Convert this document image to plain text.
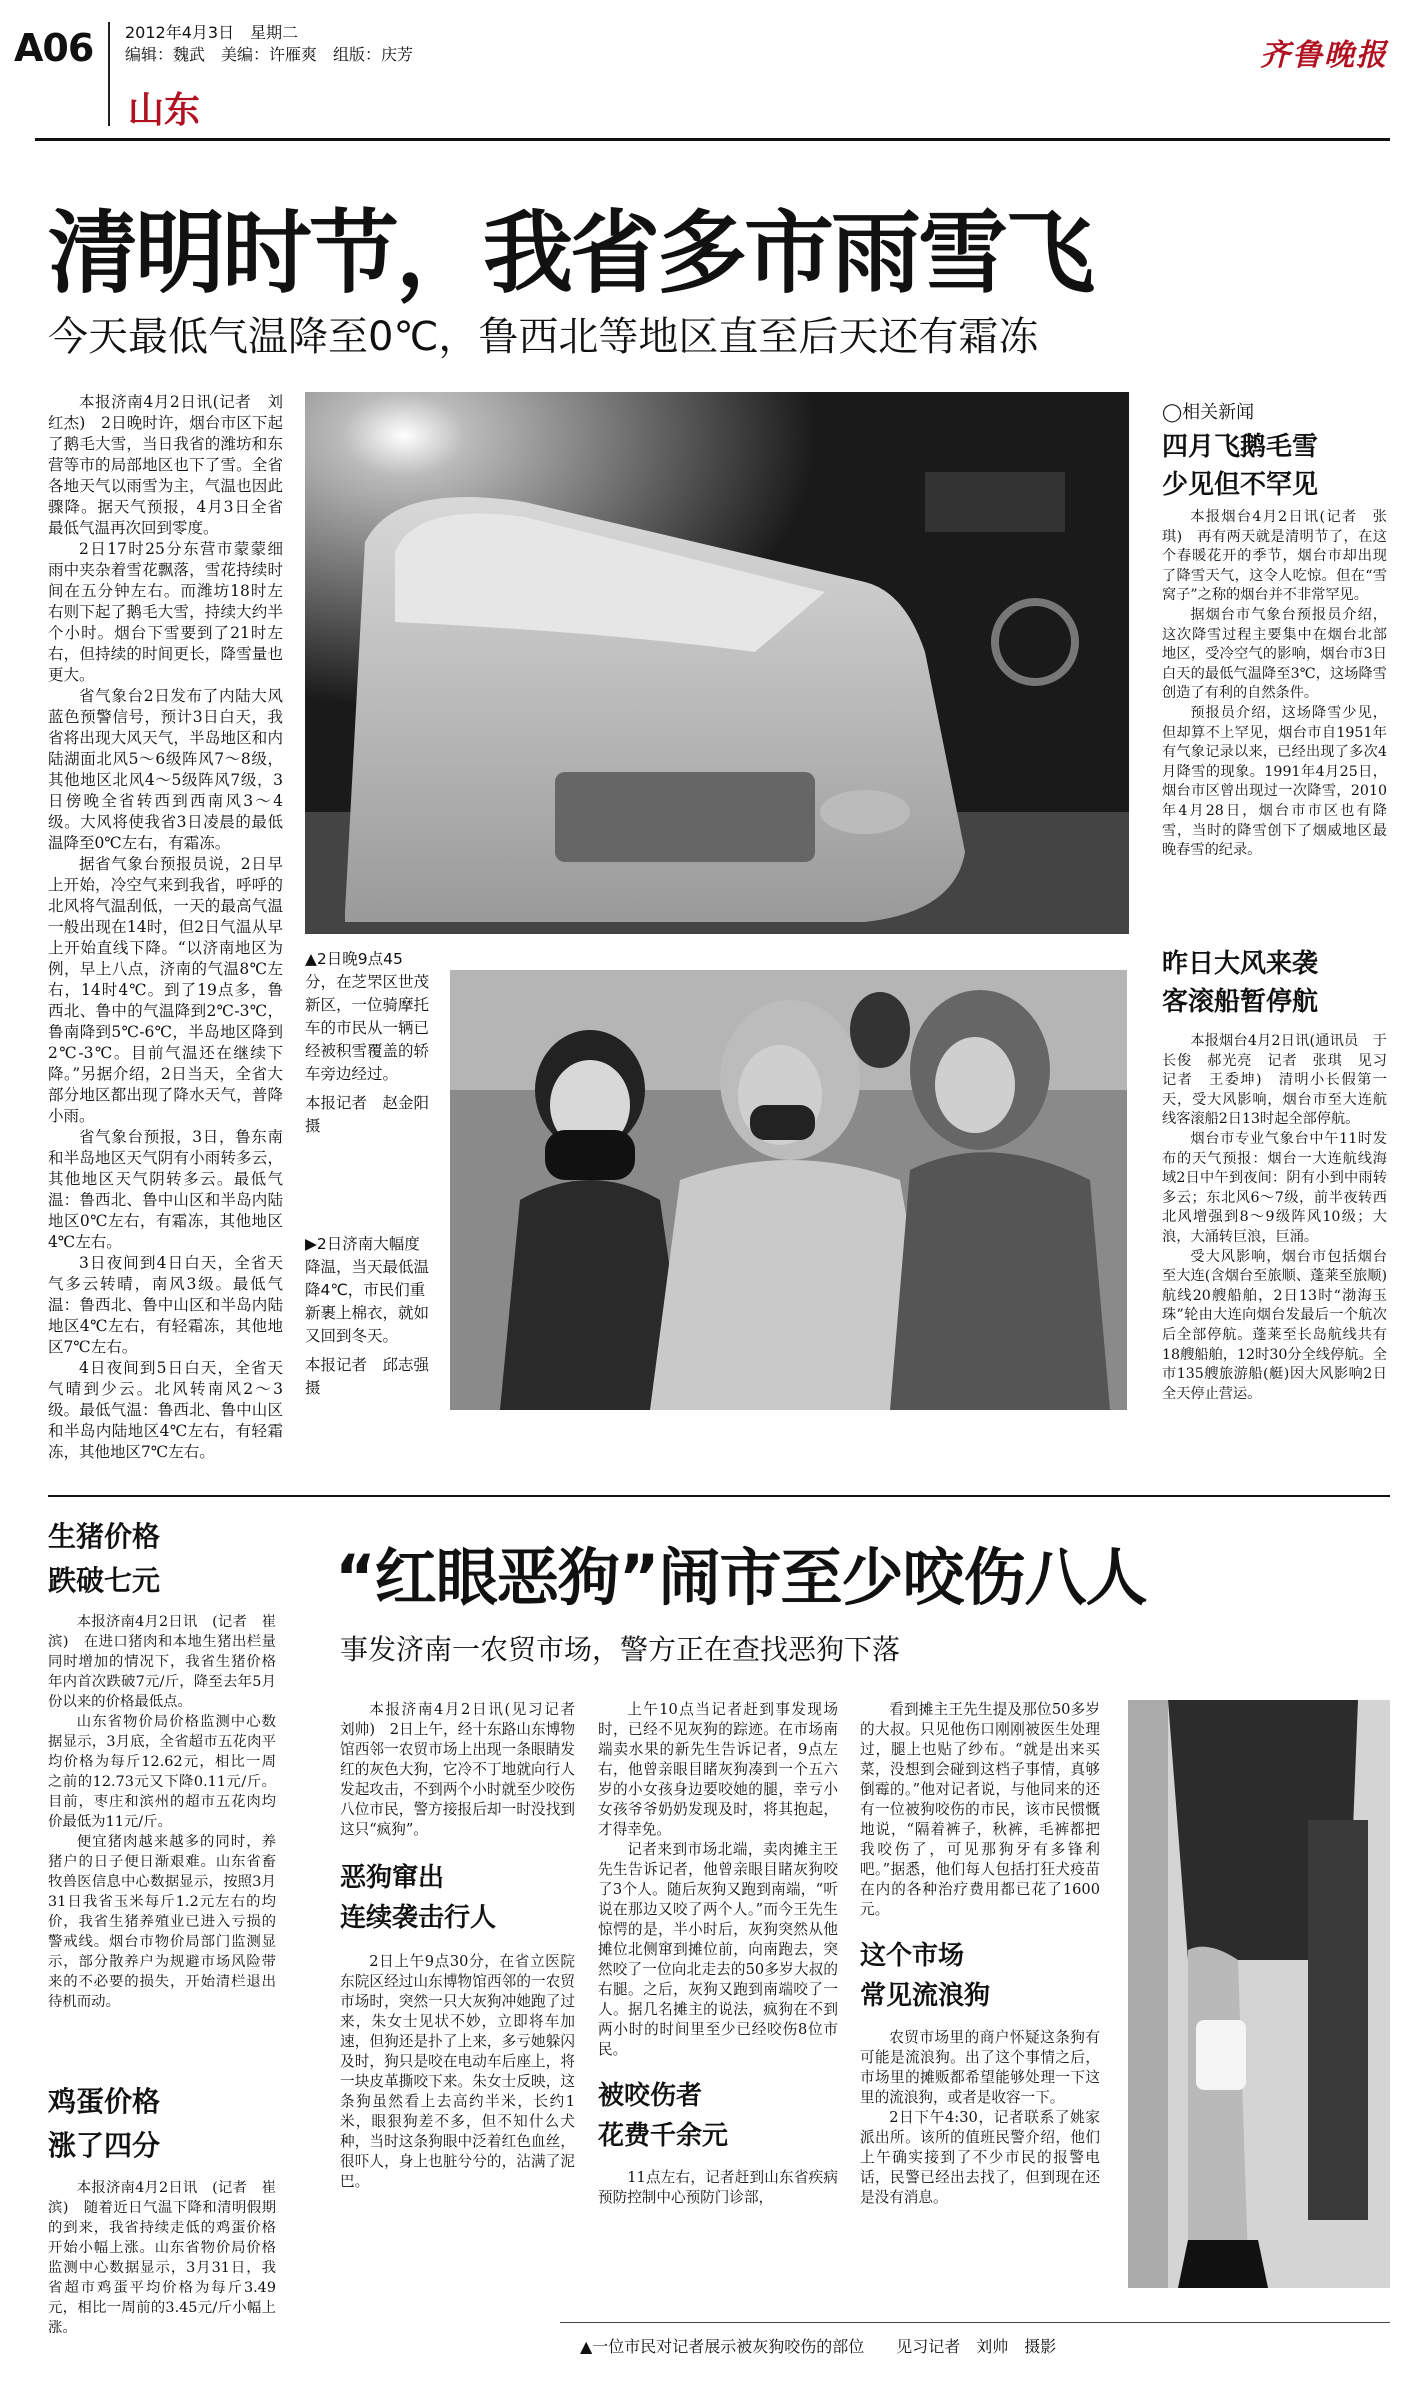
A06 2012年4月3日　星期二
编辑：魏武　美编：许雁爽　组版：庆芳
山东
齐鲁晚报
清明时节，我省多市雨雪飞
今天最低气温降至0℃，鲁西北等地区直至后天还有霜冻

本报济南4月2日讯(记者　刘红杰)　2日晚时许，烟台市区下起了鹅毛大雪，当日我省的潍坊和东营等市的局部地区也下了雪。全省各地天气以雨雪为主，气温也因此骤降。据天气预报，4月3日全省最低气温再次回到零度。

2日17时25分东营市蒙蒙细雨中夹杂着雪花飘落，雪花持续时间在五分钟左右。而潍坊18时左右则下起了鹅毛大雪，持续大约半个小时。烟台下雪要到了21时左右，但持续的时间更长，降雪量也更大。

省气象台2日发布了内陆大风蓝色预警信号，预计3日白天，我省将出现大风天气，半岛地区和内陆湖面北风5～6级阵风7～8级，其他地区北风4～5级阵风7级，3日傍晚全省转西到西南风3～4级。大风将使我省3日凌晨的最低温降至0℃左右，有霜冻。

据省气象台预报员说，2日早上开始，冷空气来到我省，呼呼的北风将气温刮低，一天的最高气温一般出现在14时，但2日气温从早上开始直线下降。“以济南地区为例，早上八点，济南的气温8℃左右，14时4℃。到了19点多，鲁西北、鲁中的气温降到2℃-3℃，鲁南降到5℃-6℃，半岛地区降到2℃-3℃。目前气温还在继续下降。”另据介绍，2日当天，全省大部分地区都出现了降水天气，普降小雨。

省气象台预报，3日，鲁东南和半岛地区天气阴有小雨转多云，其他地区天气阴转多云。最低气温：鲁西北、鲁中山区和半岛内陆地区0℃左右，有霜冻，其他地区4℃左右。

3日夜间到4日白天，全省天气多云转晴，南风3级。最低气温：鲁西北、鲁中山区和半岛内陆地区4℃左右，有轻霜冻，其他地区7℃左右。

4日夜间到5日白天，全省天气晴到少云。北风转南风2～3级。最低气温：鲁西北、鲁中山区和半岛内陆地区4℃左右，有轻霜冻，其他地区7℃左右。

▲2日晚9点45分，在芝罘区世茂新区，一位骑摩托车的市民从一辆已经被积雪覆盖的轿车旁边经过。
本报记者　赵金阳　摄
▶2日济南大幅度降温，当天最低温降4℃，市民们重新裹上棉衣，就如又回到冬天。
本报记者　邱志强　摄
◯相关新闻
四月飞鹅毛雪
少见但不罕见

本报烟台4月2日讯(记者　张琪)　再有两天就是清明节了，在这个春暖花开的季节，烟台市却出现了降雪天气，这令人吃惊。但在“雪窝子”之称的烟台并不非常罕见。

据烟台市气象台预报员介绍，这次降雪过程主要集中在烟台北部地区，受冷空气的影响，烟台市3日白天的最低气温降至3℃，这场降雪创造了有利的自然条件。

预报员介绍，这场降雪少见，但却算不上罕见，烟台市自1951年有气象记录以来，已经出现了多次4月降雪的现象。1991年4月25日，烟台市区曾出现过一次降雪，2010年4月28日，烟台市市区也有降雪，当时的降雪创下了烟威地区最晚春雪的纪录。

昨日大风来袭
客滚船暂停航

本报烟台4月2日讯(通讯员　于长俊　郝光亮　记者　张琪　见习记者　王委坤)　清明小长假第一天，受大风影响，烟台市至大连航线客滚船2日13时起全部停航。

烟台市专业气象台中午11时发布的天气预报：烟台一大连航线海域2日中午到夜间：阴有小到中雨转多云；东北风6～7级，前半夜转西北风增强到8～9级阵风10级；大浪，大涌转巨浪，巨涌。

受大风影响，烟台市包括烟台至大连(含烟台至旅顺、蓬莱至旅顺)航线20艘船舶，2日13时“渤海玉珠”轮由大连向烟台发最后一个航次后全部停航。蓬莱至长岛航线共有18艘船舶，12时30分全线停航。全市135艘旅游船(艇)因大风影响2日全天停止营运。

生猪价格
跌破七元

本报济南4月2日讯　(记者　崔滨)　在进口猪肉和本地生猪出栏量同时增加的情况下，我省生猪价格年内首次跌破7元/斤，降至去年5月份以来的价格最低点。

山东省物价局价格监测中心数据显示，3月底，全省超市五花肉平均价格为每斤12.62元，相比一周之前的12.73元又下降0.11元/斤。目前，枣庄和滨州的超市五花肉均价最低为11元/斤。

便宜猪肉越来越多的同时，养猪户的日子便日渐艰难。山东省畜牧兽医信息中心数据显示，按照3月31日我省玉米每斤1.2元左右的均价，我省生猪养殖业已进入亏损的警戒线。烟台市物价局部门监测显示，部分散养户为规避市场风险带来的不必要的损失，开始清栏退出待机而动。

鸡蛋价格
涨了四分

本报济南4月2日讯　(记者　崔滨)　随着近日气温下降和清明假期的到来，我省持续走低的鸡蛋价格开始小幅上涨。山东省物价局价格监测中心数据显示，3月31日，我省超市鸡蛋平均价格为每斤3.49元，相比一周前的3.45元/斤小幅上涨。

“红眼恶狗”闹市至少咬伤八人
事发济南一农贸市场，警方正在查找恶狗下落

本报济南4月2日讯(见习记者　刘帅)　2日上午，经十东路山东博物馆西邻一农贸市场上出现一条眼睛发红的灰色大狗，它冷不丁地就向行人发起攻击，不到两个小时就至少咬伤八位市民，警方接报后却一时没找到这只“疯狗”。

恶狗窜出
连续袭击行人

2日上午9点30分，在省立医院东院区经过山东博物馆西邻的一农贸市场时，突然一只大灰狗冲她跑了过来，朱女士见状不妙，立即将车加速，但狗还是扑了上来，多亏她躲闪及时，狗只是咬在电动车后座上，将一块皮革撕咬下来。朱女士反映，这条狗虽然看上去高约半米，长约1米，眼狠狗差不多，但不知什么犬种，当时这条狗眼中泛着红色血丝，很吓人，身上也脏兮兮的，沾满了泥巴。

上午10点当记者赶到事发现场时，已经不见灰狗的踪迹。在市场南端卖水果的新先生告诉记者，9点左右，他曾亲眼目睹灰狗凑到一个五六岁的小女孩身边要咬她的腿，幸亏小女孩爷爷奶奶发现及时，将其抱起，才得幸免。

记者来到市场北端，卖肉摊主王先生告诉记者，他曾亲眼目睹灰狗咬了3个人。随后灰狗又跑到南端，“听说在那边又咬了两个人。”而今王先生惊愕的是，半小时后，灰狗突然从他摊位北侧窜到摊位前，向南跑去，突然咬了一位向北走去的50多岁大叔的右腿。之后，灰狗又跑到南端咬了一人。据几名摊主的说法，疯狗在不到两小时的时间里至少已经咬伤8位市民。

被咬伤者
花费千余元

11点左右，记者赶到山东省疾病预防控制中心预防门诊部，

看到摊主王先生提及那位50多岁的大叔。只见他伤口刚刚被医生处理过，腿上也贴了纱布。“就是出来买菜，没想到会碰到这档子事情，真够倒霉的。”他对记者说，与他同来的还有一位被狗咬伤的市民，该市民惯慨地说，“隔着裤子，秋裤，毛裤都把我咬伤了，可见那狗牙有多锋利吧。”据悉，他们每人包括打狂犬疫苗在内的各种治疗费用都已花了1600元。

这个市场
常见流浪狗

农贸市场里的商户怀疑这条狗有可能是流浪狗。出了这个事情之后，市场里的摊贩都希望能够处理一下这里的流浪狗，或者是收容一下。

2日下午4:30，记者联系了姚家派出所。该所的值班民警介绍，他们上午确实接到了不少市民的报警电话，民警已经出去找了，但到现在还是没有消息。

▲一位市民对记者展示被灰狗咬伤的部位　　见习记者　刘帅　摄影
